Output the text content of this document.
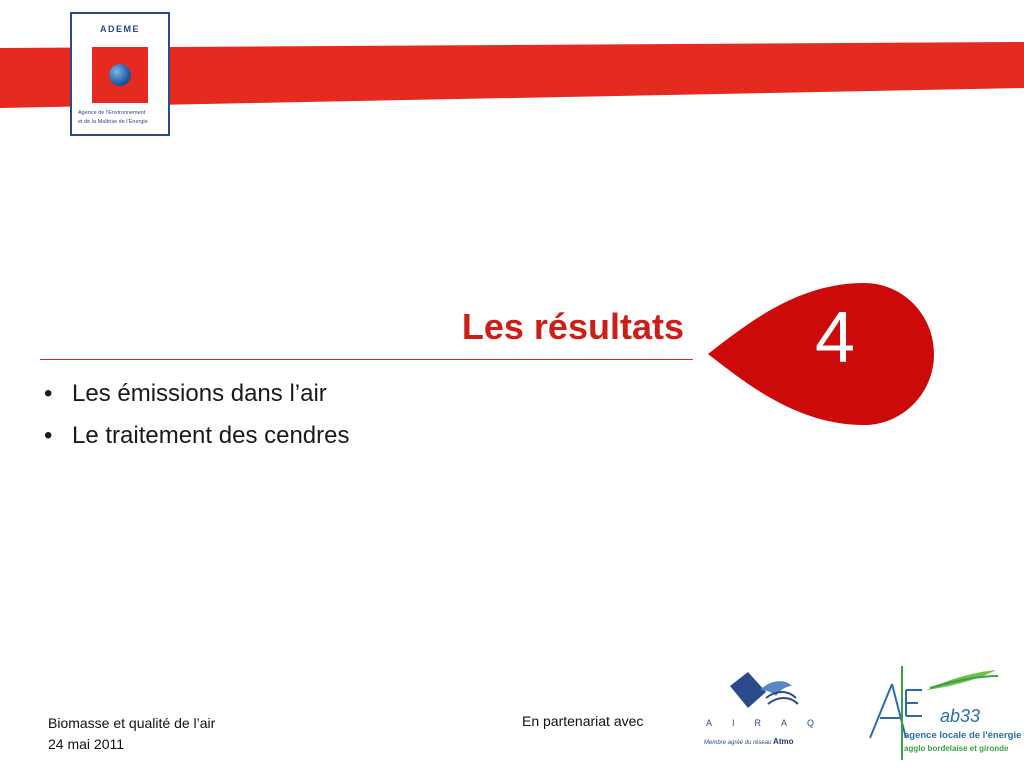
ADEME
Agence de l’Environnement
et de la Maîtrise de l’Energie
Les résultats	4
• Les émissions dans l’air
• Le traitement des cendres
Biomasse et qualité de l’air
24 mai 2011
En partenariat avec	AIRAQ
Membre agréé du réseau Atmo
ab33
agence locale de l'énergie
agglo bordelaise et gironde
